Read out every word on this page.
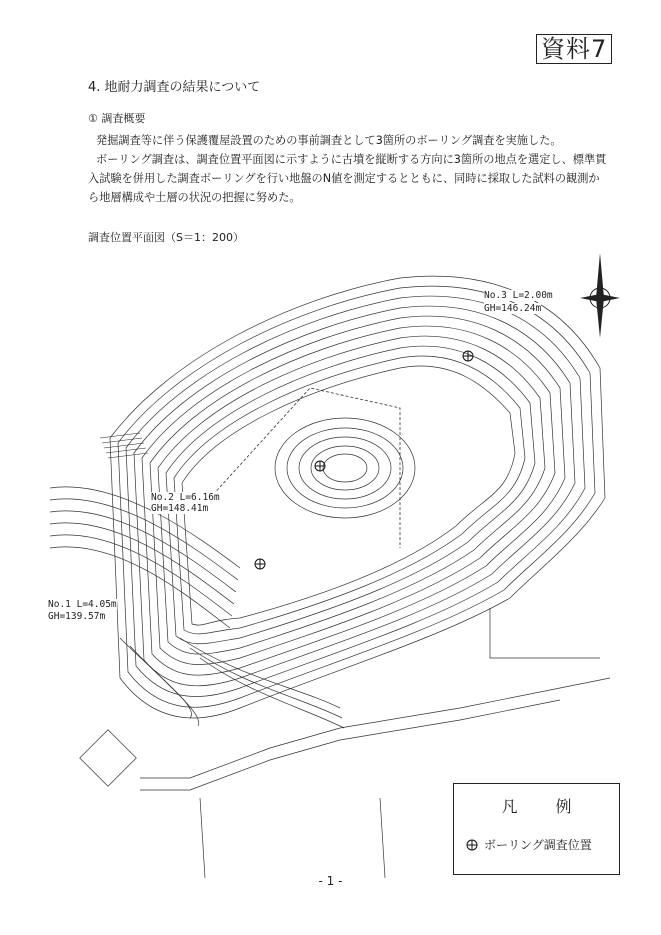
資料7
4. 地耐力調査の結果について
① 調査概要
発掘調査等に伴う保護覆屋設置のための事前調査として3箇所のボーリング調査を実施した。
ボーリング調査は、調査位置平面図に示すように古墳を縦断する方向に3箇所の地点を選定し、標準貫入試験を併用した調査ボーリングを行い地盤のN値を測定するとともに、同時に採取した試料の観測から地層構成や土層の状況の把握に努めた。
調査位置平面図（S＝1：200）
No.3 L=2.00m
GH=146.24m
No.2 L=6.16m
GH=148.41m
No.1 L=4.05m
GH=139.57m
凡例
ボーリング調査位置
- 1 -
